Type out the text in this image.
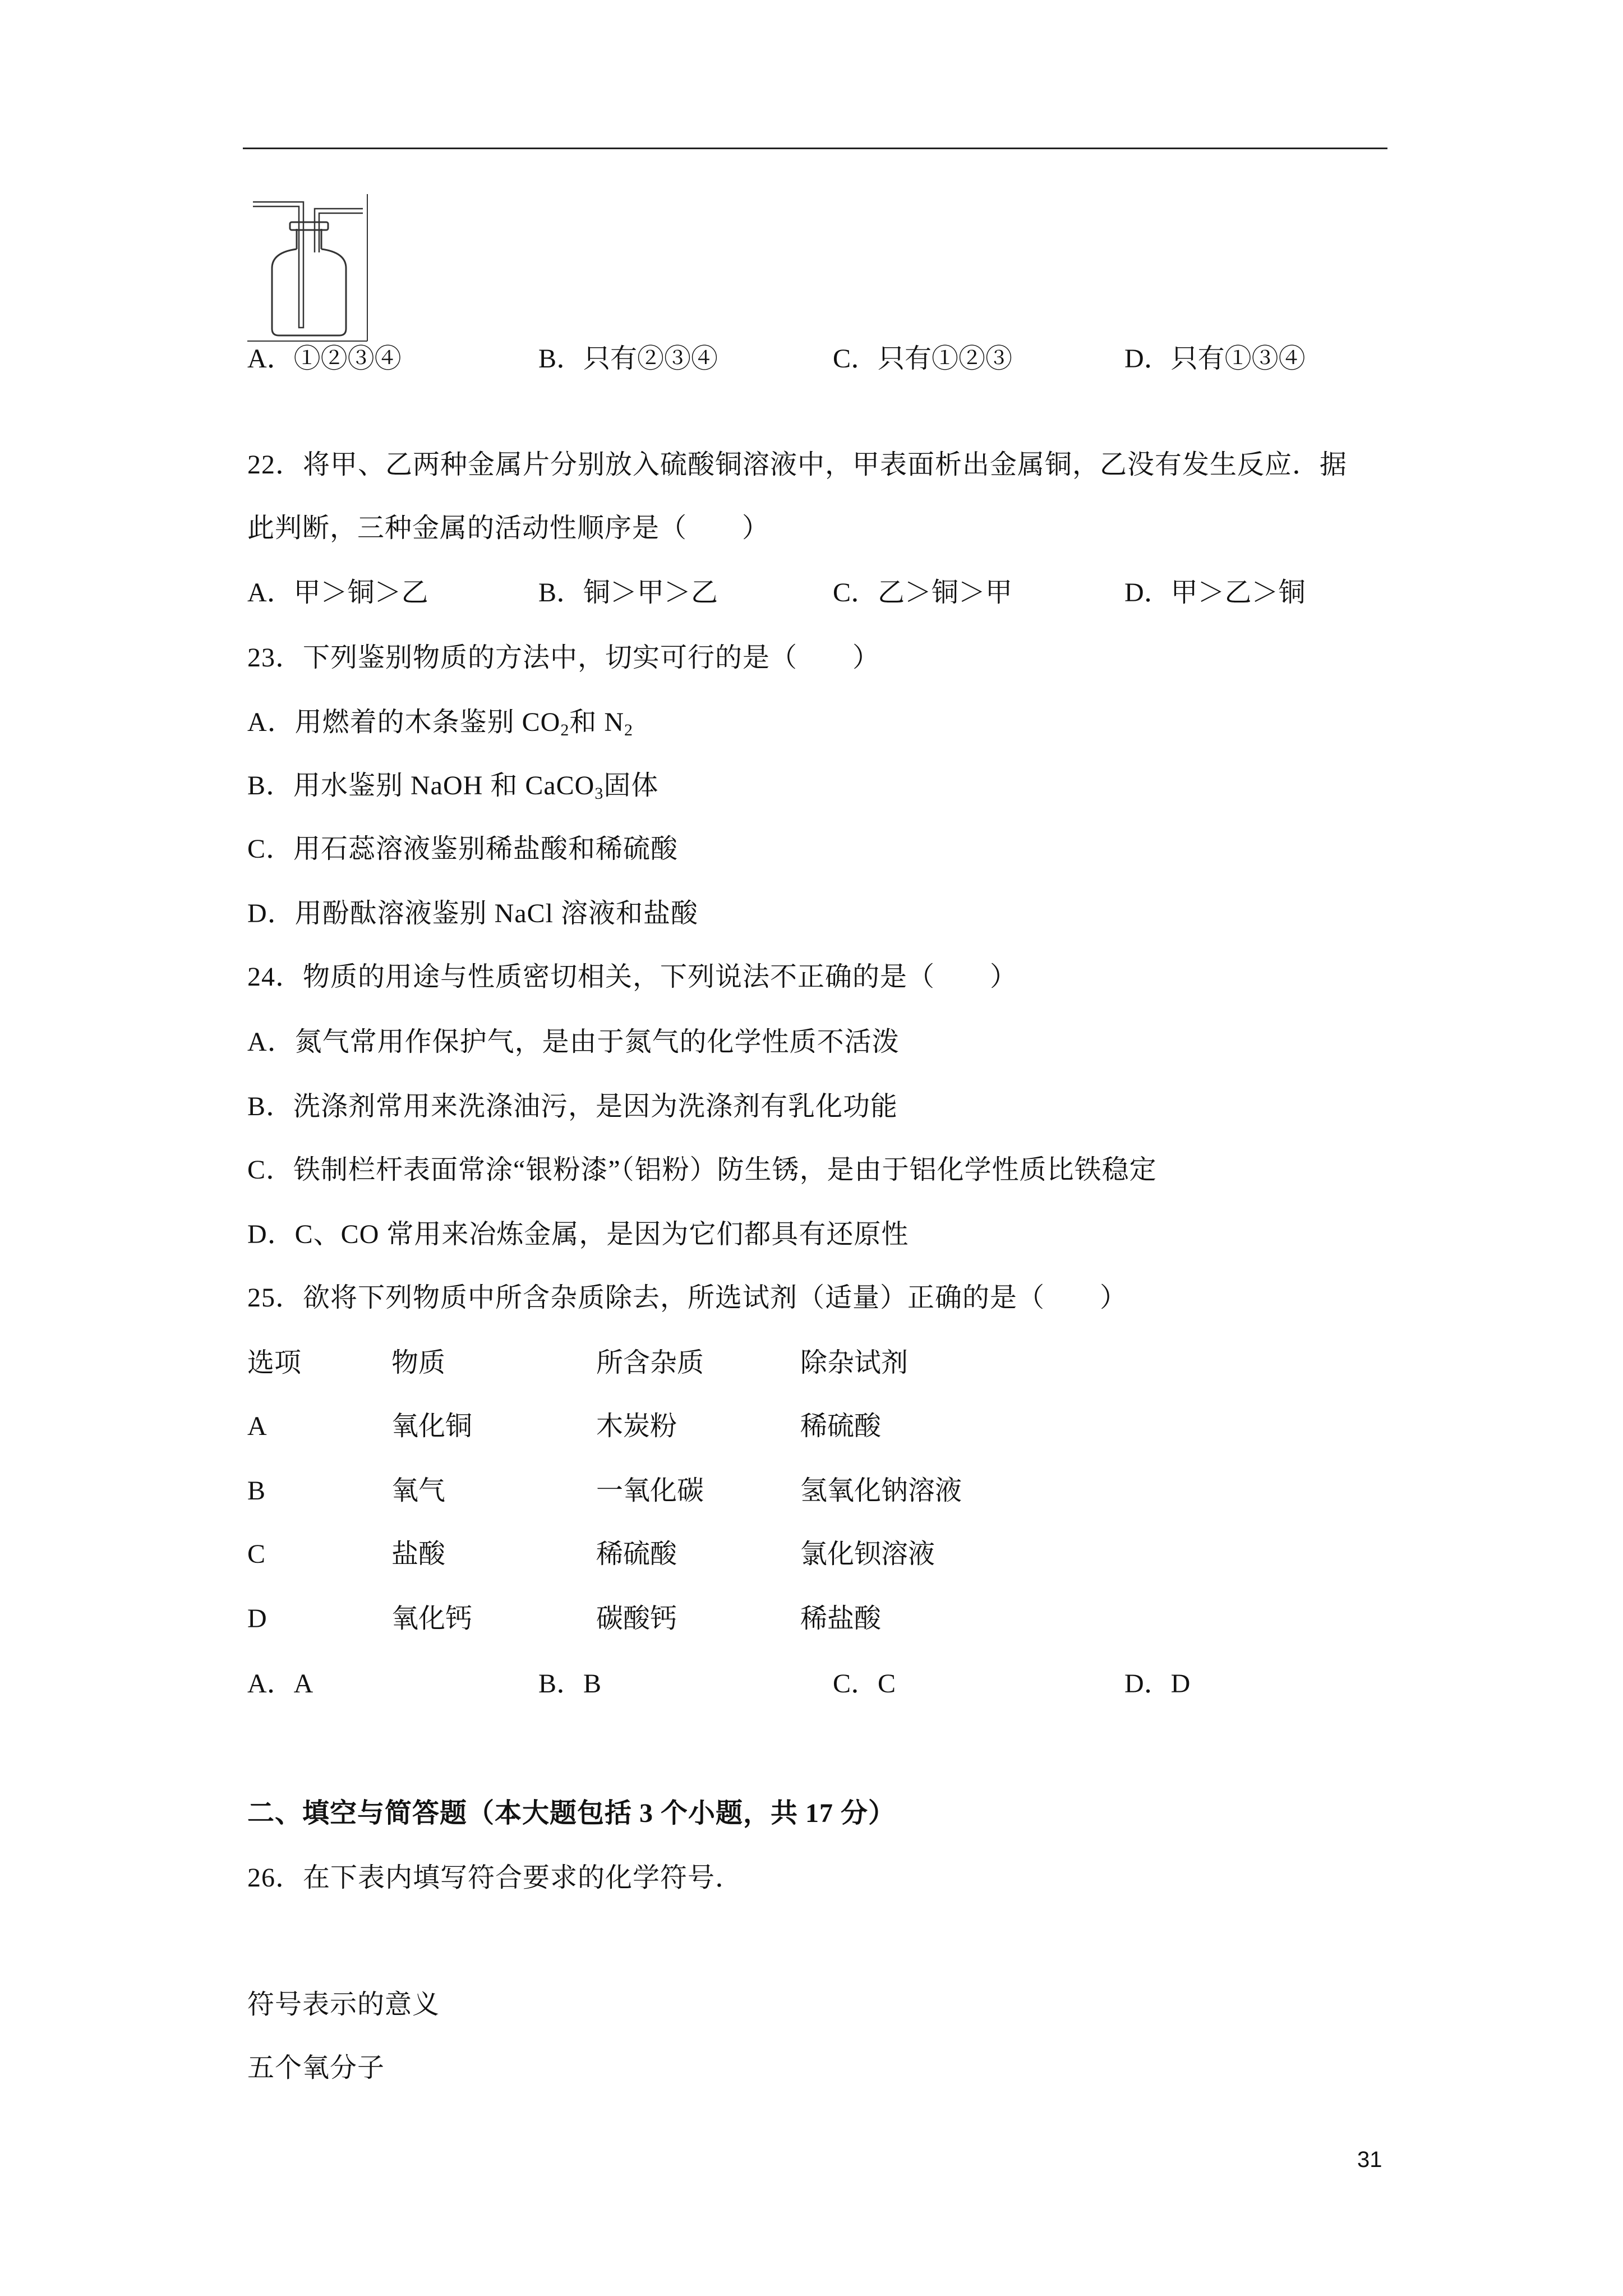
A．①②③④	B．只有②③④	C．只有①②③	D．只有①③④
22．将甲、乙两种金属片分别放入硫酸铜溶液中，甲表面析出金属铜，乙没有发生反应．据
此判断，三种金属的活动性顺序是（　　）
A．甲＞铜＞乙	B．铜＞甲＞乙	C．乙＞铜＞甲	D．甲＞乙＞铜
23．下列鉴别物质的方法中，切实可行的是（　　）
A．用燃着的木条鉴别 $CO_2$和 $N_2$
B．用水鉴别 NaOH 和 CaCO$_3$固体
C．用石蕊溶液鉴别稀盐酸和稀硫酸
D．用酚酞溶液鉴别 NaCl 溶液和盐酸
24．物质的用途与性质密切相关，下列说法不正确的是（　　）
A．氮气常用作保护气，是由于氮气的化学性质不活泼
B．洗涤剂常用来洗涤油污，是因为洗涤剂有乳化功能
C．铁制栏杆表面常涂“银粉漆”（铝粉）防生锈，是由于铝化学性质比铁稳定
D．C、CO 常用来冶炼金属，是因为它们都具有还原性
25．欲将下列物质中所含杂质除去，所选试剂（适量）正确的是（　　）
选项	物质	所含杂质	除杂试剂
A	氧化铜	木炭粉	稀硫酸
B	氧气	一氧化碳	氢氧化钠溶液
C	盐酸	稀硫酸	氯化钡溶液
D	氧化钙	碳酸钙	稀盐酸
A．A	B．B	C．C	D．D
二、填空与简答题（本大题包括 3 个小题，共 17 分）
26．在下表内填写符合要求的化学符号．
符号表示的意义
五个氧分子
31
